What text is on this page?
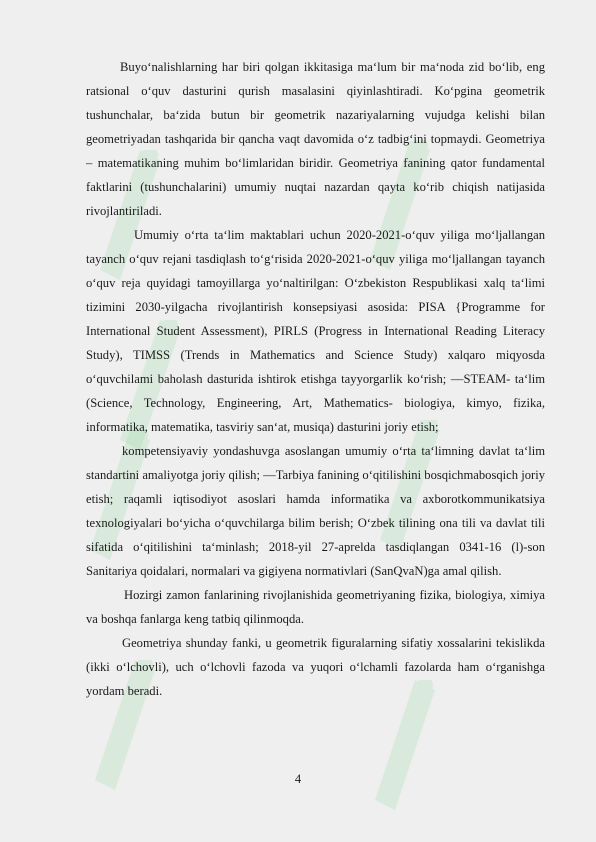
Buyo‘nalishlarning har biri qolgan ikkitasiga ma‘lum bir ma‘noda zid bo‘lib, eng ratsional o‘quv dasturini qurish masalasini qiyinlashtiradi. Ko‘pgina geometrik tushunchalar, ba‘zida butun bir geometrik nazariyalarning vujudga kelishi bilan geometriyadan tashqarida bir qancha vaqt davomida o‘z tadbig‘ini topmaydi. Geometriya – matematikaning muhim bo‘limlaridan biridir. Geometriya fanining qator fundamental faktlarini (tushunchalarini) umumiy nuqtai nazardan qayta ko‘rib chiqish natijasida rivojlantiriladi.

Umumiy o‘rta ta‘lim maktablari uchun 2020-2021-o‘quv yiliga mo‘ljallangan tayanch o‘quv rejani tasdiqlash to‘g‘risida 2020-2021-o‘quv yiliga mo‘ljallangan tayanch o‘quv reja quyidagi tamoyillarga yo‘naltirilgan: O‘zbekiston Respublikasi xalq ta‘limi tizimini 2030-yilgacha rivojlantirish konsepsiyasi asosida: PISA {Programme for International Student Assessment), PIRLS (Progress in International Reading Literacy Study), TIMSS (Trends in Mathematics and Science Study) xalqaro miqyosda o‘quvchilami baholash dasturida ishtirok etishga tayyorgarlik ko‘rish; —STEAM- ta‘lim (Science, Technology, Engineering, Art, Mathematics- biologiya, kimyo, fizika, informatika, matematika, tasviriy san‘at, musiqa) dasturini joriy etish;

kompetensiyaviy yondashuvga asoslangan umumiy o‘rta ta‘limning davlat ta‘lim standartini amaliyotga joriy qilish; —Tarbiya fanining o‘qitilishini bosqichmabosqich joriy etish; raqamli iqtisodiyot asoslari hamda informatika va axborotkommunikatsiya texnologiyalari bo‘yicha o‘quvchilarga bilim berish; O‘zbek tilining ona tili va davlat tili sifatida o‘qitilishini ta‘minlash; 2018-yil 27-aprelda tasdiqlangan 0341-16 (l)-son Sanitariya qoidalari, normalari va gigiyena normativlari (SanQvaN)ga amal qilish.

Hozirgi zamon fanlarining rivojlanishida geometriyaning fizika, biologiya, ximiya va boshqa fanlarga keng tatbiq qilinmoqda.

Geometriya shunday fanki, u geometrik figuralarning sifatiy xossalarini tekislikda (ikki o‘lchovli), uch o‘lchovli fazoda va yuqori o‘lchamli fazolarda ham o‘rganishga yordam beradi.

4
